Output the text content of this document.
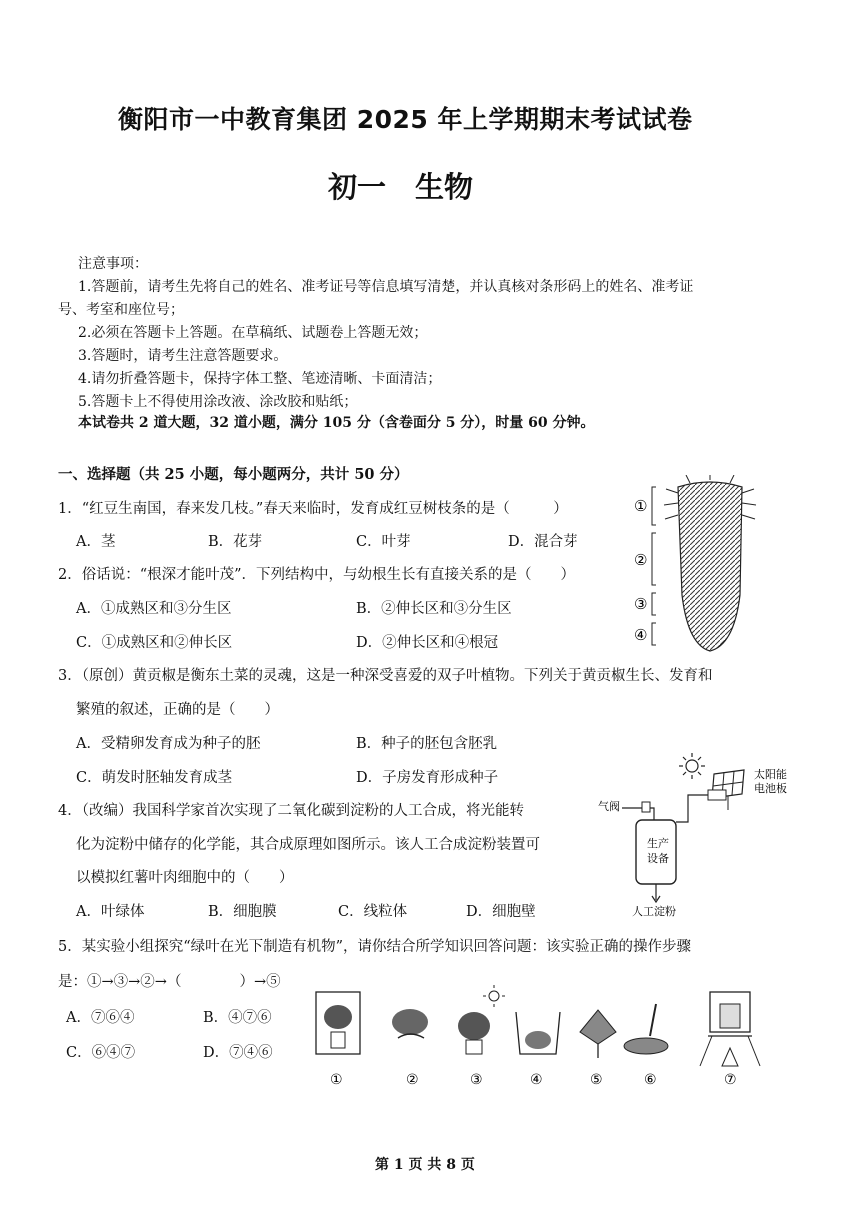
衡阳市一中教育集团 2025 年上学期期末考试试卷
初一　生物
注意事项：
1.答题前，请考生先将自己的姓名、准考证号等信息填写清楚，并认真核对条形码上的姓名、准考证
号、考室和座位号；
2.必须在答题卡上答题。在草稿纸、试题卷上答题无效；
3.答题时，请考生注意答题要求。
4.请勿折叠答题卡，保持字体工整、笔迹清晰、卡面清洁；
5.答题卡上不得使用涂改液、涂改胶和贴纸；
本试卷共 2 道大题，32 道小题，满分 105 分（含卷面分 5 分），时量 60 分钟。
一、选择题（共 25 小题，每小题两分，共计 50 分）
1．“红豆生南国，春来发几枝。”春天来临时，发育成红豆树枝条的是（　　　）
A．茎	B．花芽	C．叶芽	D．混合芽
2．俗话说：“根深才能叶茂”．下列结构中，与幼根生长有直接关系的是（　　）
A．①成熟区和③分生区	B．②伸长区和③分生区
C．①成熟区和②伸长区	D．②伸长区和④根冠
3．（原创）黄贡椒是衡东土菜的灵魂，这是一种深受喜爱的双子叶植物。下列关于黄贡椒生长、发育和
繁殖的叙述，正确的是（　　）
A．受精卵发育成为种子的胚	B．种子的胚包含胚乳
C．萌发时胚轴发育成茎	D．子房发育形成种子
4．（改编）我国科学家首次实现了二氧化碳到淀粉的人工合成，将光能转
化为淀粉中储存的化学能，其合成原理如图所示。该人工合成淀粉装置可
以模拟红薯叶肉细胞中的（　　）
A．叶绿体	B．细胞膜	C．线粒体	D．细胞壁
5．某实验小组探究“绿叶在光下制造有机物”，请你结合所学知识回答问题：该实验正确的操作步骤
是：①→③→②→（　　　　）→⑤
A．⑦⑥④	B．④⑦⑥
C．⑥④⑦	D．⑦④⑥
①
②
③
④
太阳能
电池板
气阀
生产
设备
人工淀粉
①	②	③	④	⑤	⑥	⑦
第 1 页 共 8 页
